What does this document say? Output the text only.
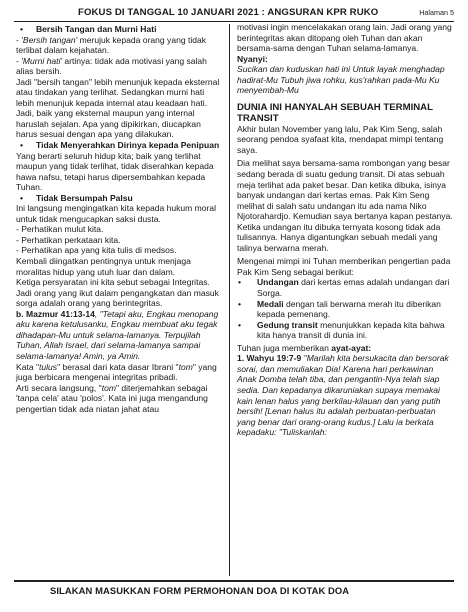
FOKUS DI TANGGAL 10 JANUARI 2021 : ANGSURAN KPR RUKO	Halaman 5

• Bersih Tangan dan Murni Hati

- 'Bersih tangan' merujuk kepada orang yang tidak terlibat dalam kejahatan.

- 'Murni hati' artinya: tidak ada motivasi yang salah alias bersih.

Jadi "bersih tangan" lebih menunjuk kepada eksternal atau tindakan yang terlihat. Sedangkan murni hati lebih menunjuk kepada internal atau keadaan hati. Jadi, baik yang eksternal maupun yang internal haruslah sejalan. Apa yang dipikirkan, diucapkan harus sesuai dengan apa yang dilakukan.

• Tidak Menyerahkan Dirinya kepada Penipuan

Yang berarti seluruh hidup kita; baik yang terlihat maupun yang tidak terlihat, tidak diserahkan kepada hawa nafsu, tetapi harus dipersembahkan kepada Tuhan.

• Tidak Bersumpah Palsu

Ini langsung mengingatkan kita kepada hukum moral untuk tidak mengucapkan saksi dusta.

- Perhatikan mulut kita.

- Perhatikan perkataan kita.

- Perhatikan apa yang kita tulis di medsos.

Kembali diingatkan pentingnya untuk menjaga moralitas hidup yang utuh luar dan dalam.

Ketiga persyaratan ini kita sebut sebagai Integritas. Jadi orang yang ikut dalam pengangkatan dan masuk sorga adalah orang yang berintegritas.

b. Mazmur 41:13-14, "Tetapi aku, Engkau menopang aku karena ketulusanku, Engkau membuat aku tegak dihadapan-Mu untuk selama-lamanya. Terpujilah Tuhan, Allah Israel, dari selama-lamanya sampai selama-lamanya! Amin, ya Amin.

Kata "tulus" berasal dari kata dasar Ibrani "tom" yang juga berbicara mengenai integritas pribadi.

Arti secara langsung, "tom" diterjemahkan sebagai 'tanpa cela' atau 'polos'. Kata ini juga mengandung pengertian tidak ada niatan jahat atau

motivasi ingin mencelakakan orang lain. Jadi orang yang berintegritas akan ditopang oleh Tuhan dan akan bersama-sama dengan Tuhan selama-lamanya.

Nyanyi:

Sucikan dan kuduskan hati ini Untuk layak menghadap hadirat-Mu Tubuh jiwa rohku, kus'rahkan pada-Mu Ku menyembah-Mu

DUNIA INI HANYALAH SEBUAH TERMINAL TRANSIT

Akhir bulan November yang lalu, Pak Kim Seng, salah seorang pendoa syafaat kita, mendapat mimpi tentang saya.

Dia melihat saya bersama-sama rombongan yang besar sedang berada di suatu gedung transit. Di atas sebuah meja terlihat ada paket besar. Dan ketika dibuka, isinya banyak undangan dari kertas emas. Pak Kim Seng melihat di salah satu undangan itu ada nama Niko Njotorahardjo. Kemudian saya bertanya kapan pestanya. Ketika undangan itu dibuka ternyata kosong tidak ada tulisannya. Hanya digantungkan sebuah medali yang talinya berwarna merah.

Mengenai mimpi ini Tuhan memberikan pengertian pada Pak Kim Seng sebagai berikut:

• Undangan dari kertas emas adalah undangan dari Sorga.

• Medali dengan tali berwarna merah itu diberikan kepada pemenang.

• Gedung transit menunjukkan kepada kita bahwa kita hanya transit di dunia ini.

Tuhan juga memberikan ayat-ayat:

1. Wahyu 19:7-9 "Marilah kita bersukacita dan bersorak sorai, dan memuliakan Dia! Karena hari perkawinan Anak Domba telah tiba, dan pengantin-Nya telah siap sedia. Dan kepadanya dikaruniakan supaya memakai kain lenan halus yang berkilau-kilauan dan yang putih bersih! [Lenan halus itu adalah perbuatan-perbuatan yang benar dari orang-orang kudus.] Lalu ia berkata kepadaku: "Tuliskanlah:

SILAKAN MASUKKAN FORM PERMOHONAN DOA DI KOTAK DOA
